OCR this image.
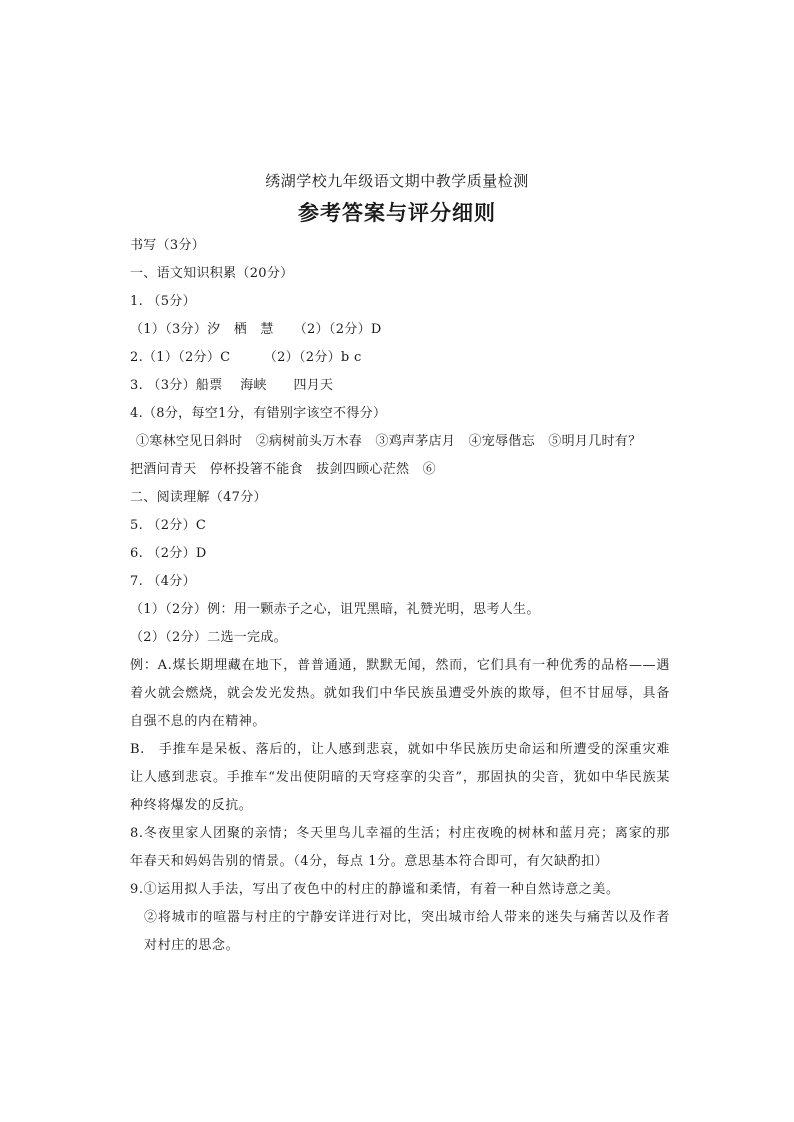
绣湖学校九年级语文期中教学质量检测
参考答案与评分细则

书写（3分）

一、语文知识积累（20分）

1. （5分）

（1）（3分）汐　栖　慧　　（2）（2分）D

2.（1）（2分）C　　　（2）（2分）b c

3. （3分）船票　 海峡　　四月天

4.（8分，每空1分，有错别字该空不得分）

①寒林空见日斜时　②病树前头万木春　③鸡声茅店月　④宠辱偕忘　⑤明月几时有？

把酒问青天　停杯投箸不能食　拔剑四顾心茫然　⑥

二、阅读理解（47分）

5. （2分）C

6. （2分）D

7. （4分）

（1）（2分）例：用一颗赤子之心，诅咒黑暗，礼赞光明，思考人生。

（2）（2分）二选一完成。

例：A.煤长期埋藏在地下，普普通通，默默无闻，然而，它们具有一种优秀的品格——遇着火就会燃烧，就会发光发热。就如我们中华民族虽遭受外族的欺辱，但不甘屈辱，具备自强不息的内在精神。

B.　手推车是呆板、落后的，让人感到悲哀，就如中华民族历史命运和所遭受的深重灾难让人感到悲哀。手推车“发出使阴暗的天穹痉挛的尖音”，那固执的尖音，犹如中华民族某种终将爆发的反抗。

8.冬夜里家人团聚的亲情；冬天里鸟儿幸福的生活；村庄夜晚的树林和蓝月亮；离家的那年春天和妈妈告别的情景。（4分，每点 1分。意思基本符合即可，有欠缺酌扣）

9.①运用拟人手法，写出了夜色中的村庄的静谧和柔情，有着一种自然诗意之美。

②将城市的喧嚣与村庄的宁静安详进行对比，突出城市给人带来的迷失与痛苦以及作者对村庄的思念。
